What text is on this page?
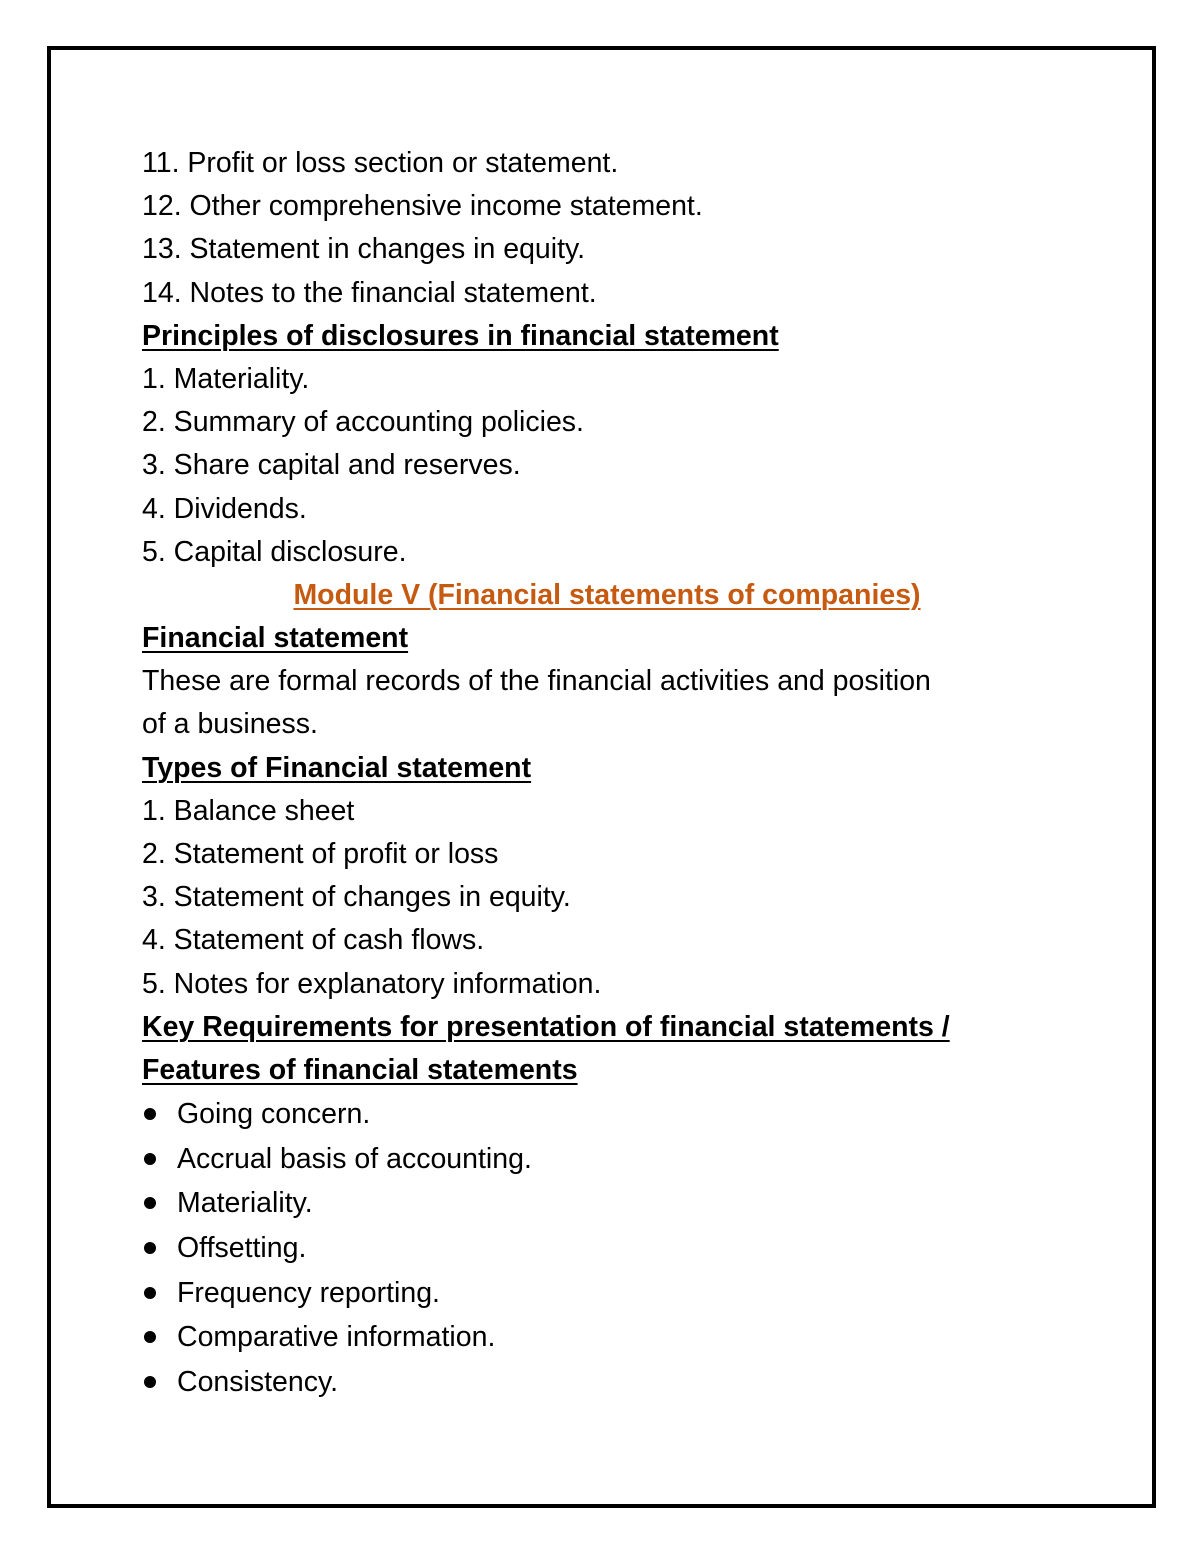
11. Profit or loss section or statement.
12. Other comprehensive income statement.
13. Statement in changes in equity.
14. Notes to the financial statement.
Principles of disclosures in financial statement
1. Materiality.
2. Summary of accounting policies.
3. Share capital and reserves.
4. Dividends.
5. Capital disclosure.
Module V (Financial statements of companies)
Financial statement
These are formal records of the financial activities and position
of a business.
Types of Financial statement
1. Balance sheet
2. Statement of profit or loss
3. Statement of changes in equity.
4. Statement of cash flows.
5. Notes for explanatory information.
Key Requirements for presentation of financial statements /
Features of financial statements
Going concern.
Accrual basis of accounting.
Materiality.
Offsetting.
Frequency reporting.
Comparative information.
Consistency.
